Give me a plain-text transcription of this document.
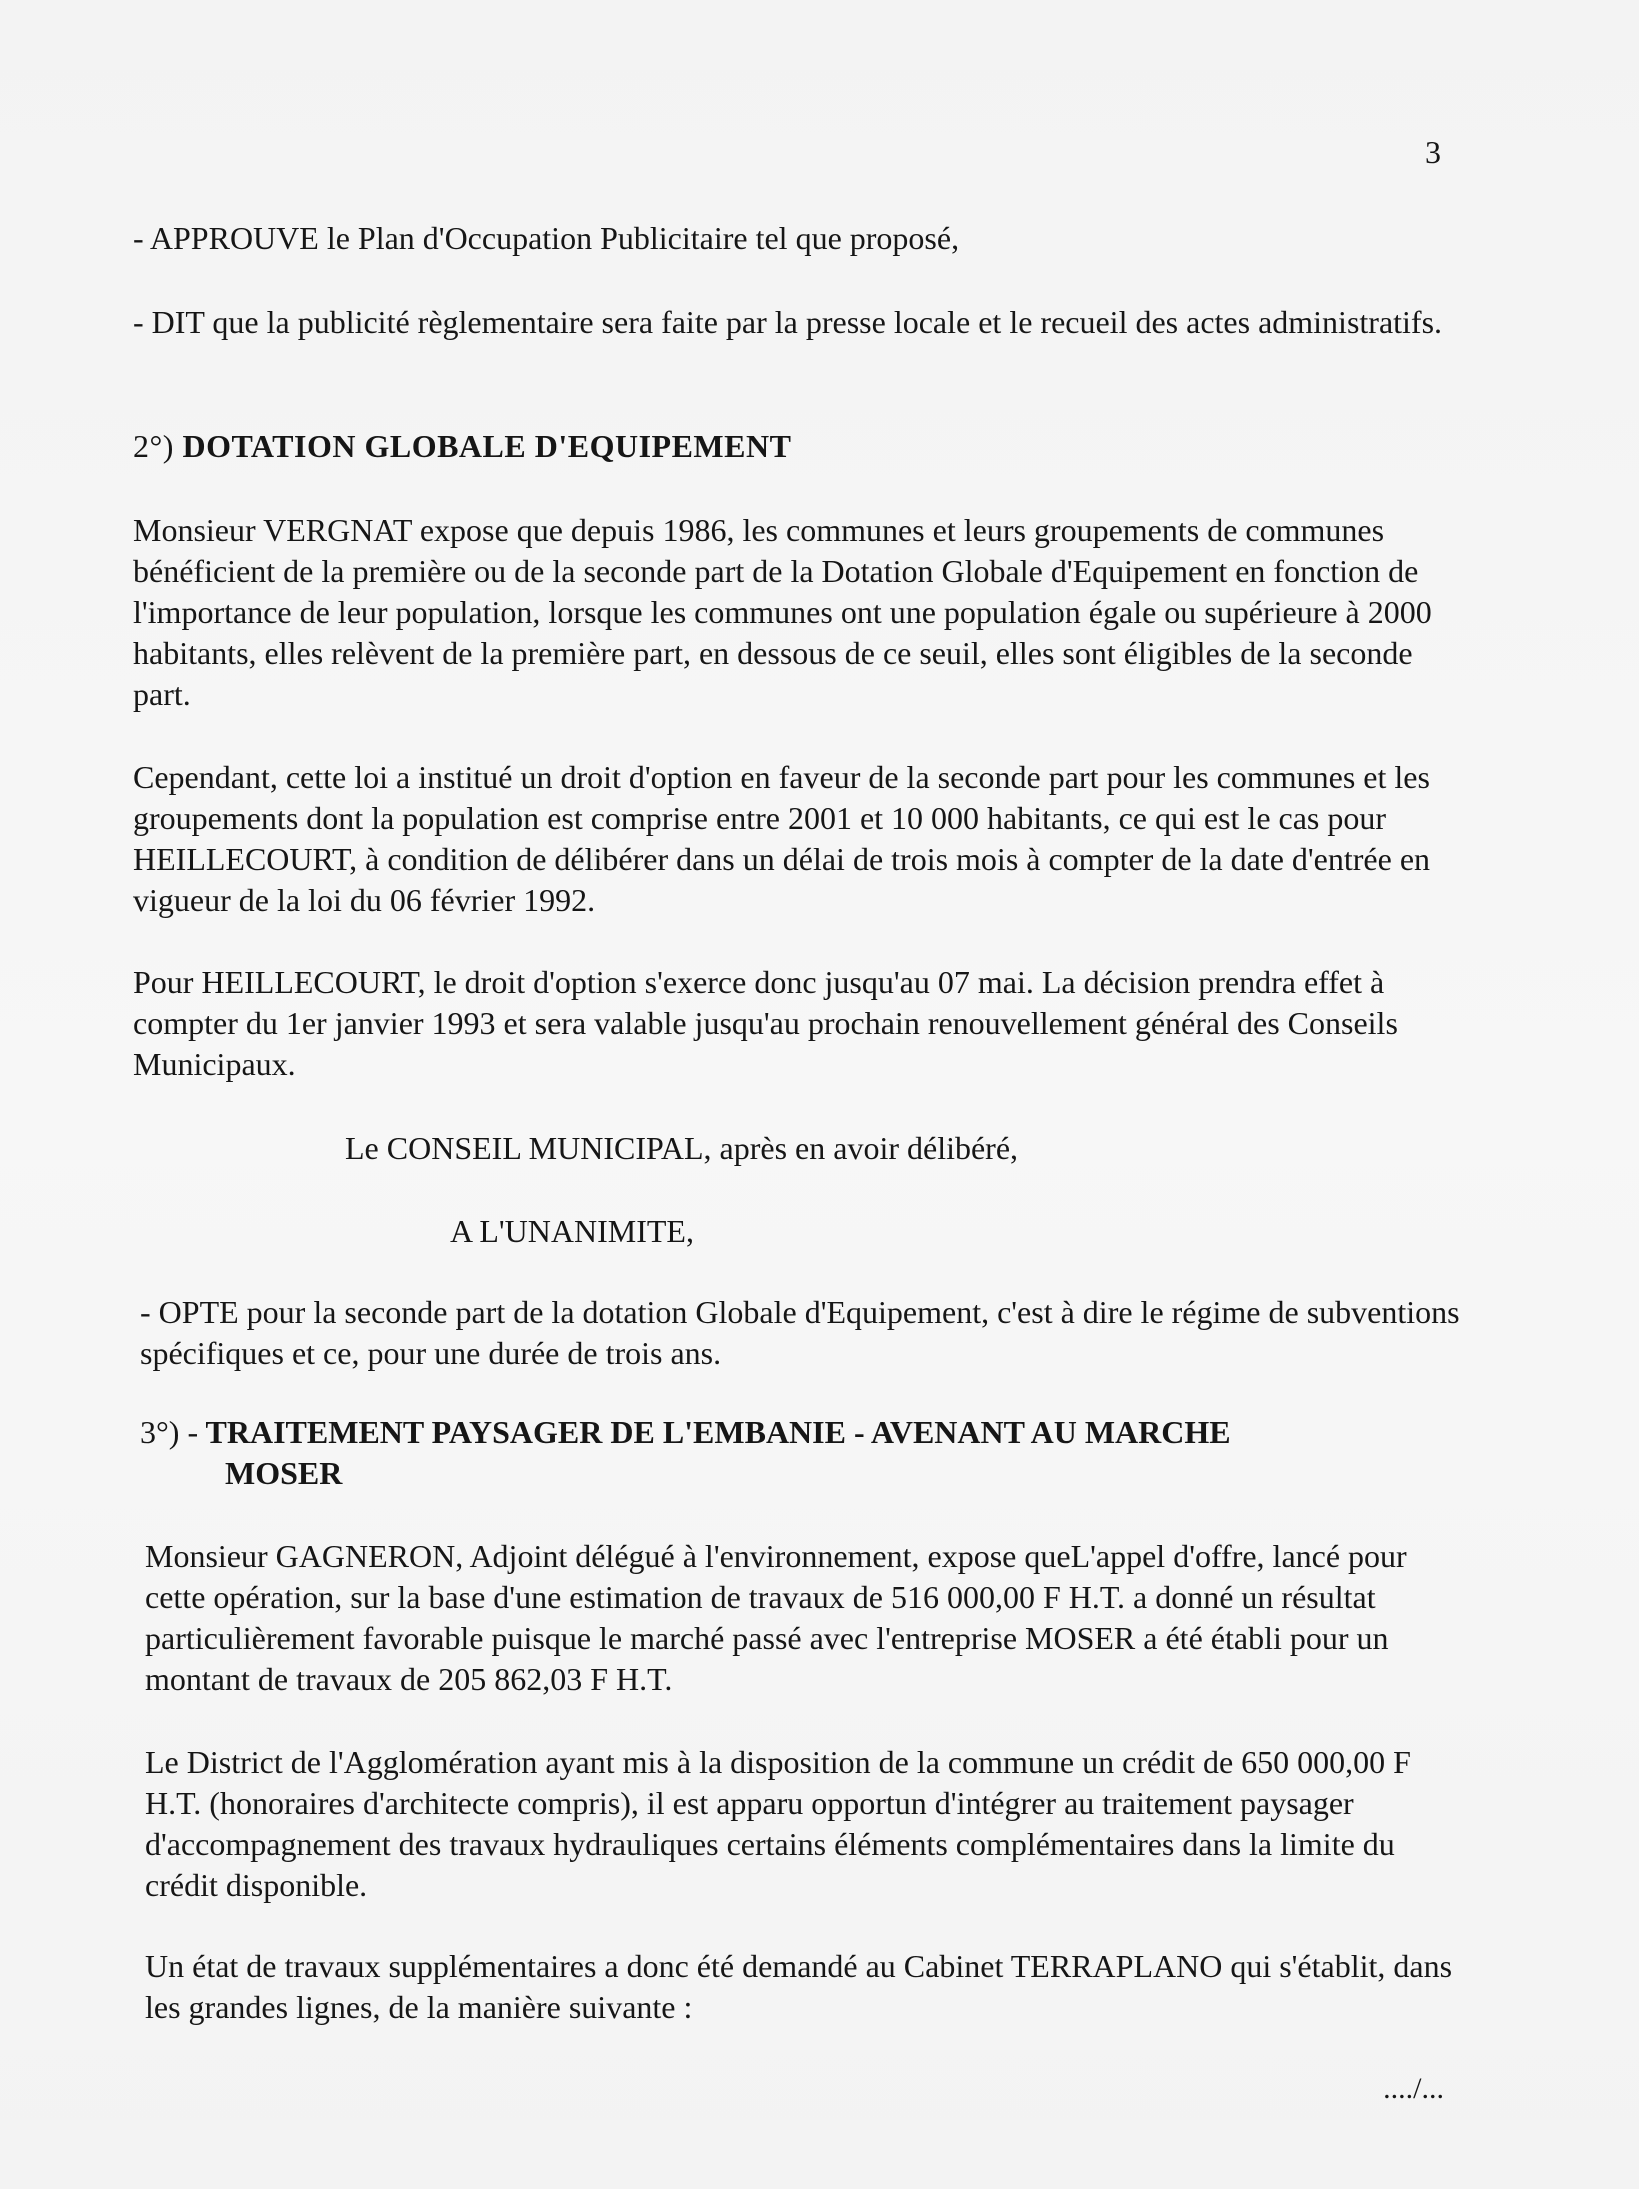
3

- APPROUVE le Plan d'Occupation Publicitaire tel que proposé,

- DIT que la publicité règlementaire sera faite par la presse locale et le recueil des actes administratifs.

2°) DOTATION GLOBALE D'EQUIPEMENT

Monsieur VERGNAT expose que depuis 1986, les communes et leurs groupements de communes bénéficient de la première ou de la seconde part de la Dotation Globale d'Equipement en fonction de l'importance de leur population, lorsque les communes ont une population égale ou supérieure à 2000 habitants, elles relèvent de la première part, en dessous de ce seuil, elles sont éligibles de la seconde part.

Cependant, cette loi a institué un droit d'option en faveur de la seconde part pour les communes et les groupements dont la population est comprise entre 2001 et 10 000 habitants, ce qui est le cas pour HEILLECOURT, à condition de délibérer dans un délai de trois mois à compter de la date d'entrée en vigueur de la loi du 06 février 1992.

Pour HEILLECOURT, le droit d'option s'exerce donc jusqu'au 07 mai. La décision prendra effet à compter du 1er janvier 1993 et sera valable jusqu'au prochain renouvellement général des Conseils Municipaux.

Le CONSEIL MUNICIPAL, après en avoir délibéré,

A L'UNANIMITE,

- OPTE pour la seconde part de la dotation Globale d'Equipement, c'est à dire le régime de subventions spécifiques et ce, pour une durée de trois ans.

3°) - TRAITEMENT PAYSAGER DE L'EMBANIE - AVENANT AU MARCHE
MOSER

Monsieur GAGNERON, Adjoint délégué à l'environnement, expose queL'appel d'offre, lancé pour cette opération, sur la base d'une estimation de travaux de 516 000,00 F H.T. a donné un résultat particulièrement favorable puisque le marché passé avec l'entreprise MOSER a été établi pour un montant de travaux de 205 862,03 F H.T.

Le District de l'Agglomération ayant mis à la disposition de la commune un crédit de 650 000,00 F H.T. (honoraires d'architecte compris), il est apparu opportun d'intégrer au traitement paysager d'accompagnement des travaux hydrauliques certains éléments complémentaires dans la limite du crédit disponible.

Un état de travaux supplémentaires a donc été demandé au Cabinet TERRAPLANO qui s'établit, dans les grandes lignes, de la manière suivante :

..../...
